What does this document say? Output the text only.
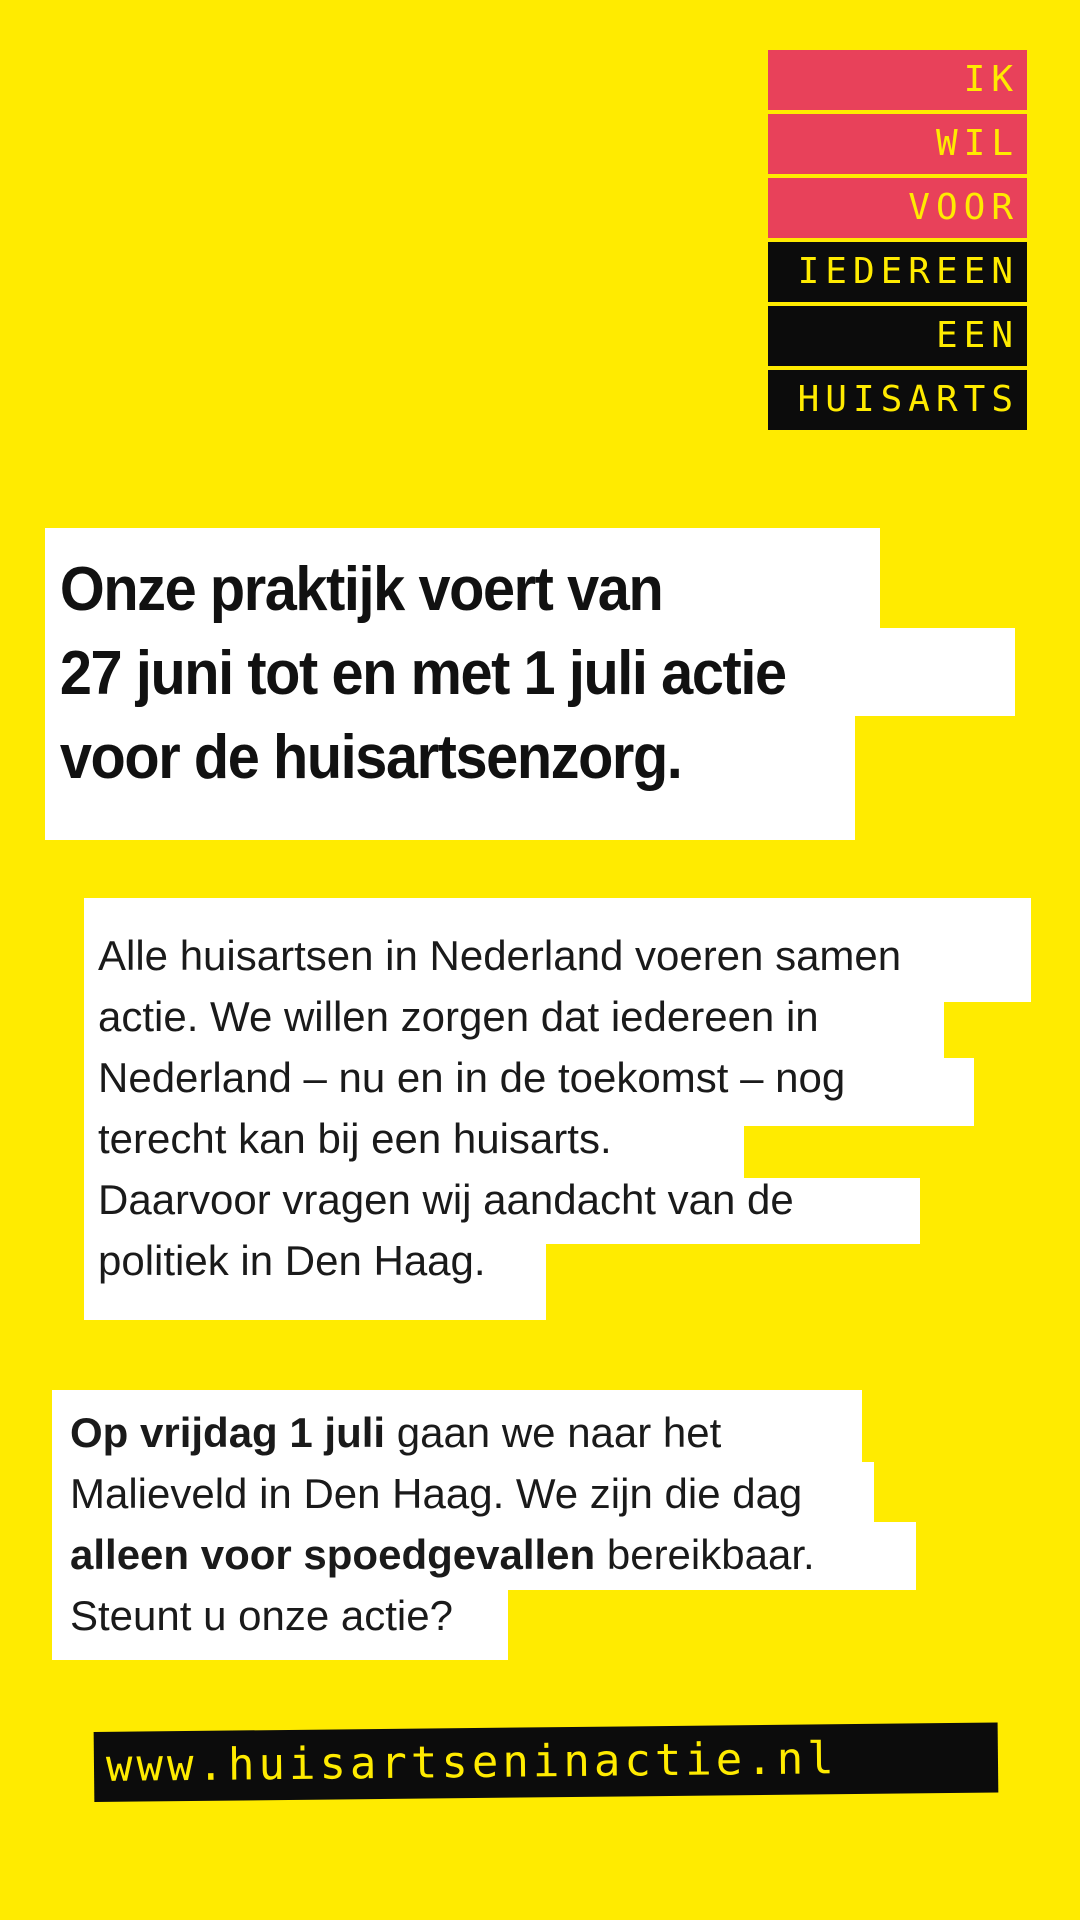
IK
WIL
VOOR
IEDEREEN
EEN
HUISARTS
Onze praktijk voert van
27 juni tot en met 1 juli actie
voor de huisartsenzorg.
Alle huisartsen in Nederland voeren samen
actie. We willen zorgen dat iedereen in
Nederland – nu en in de toekomst – nog
terecht kan bij een huisarts.
Daarvoor vragen wij aandacht van de
politiek in Den Haag.
Op vrijdag 1 juli gaan we naar het
Malieveld in Den Haag. We zijn die dag
alleen voor spoedgevallen bereikbaar.
Steunt u onze actie?
www.huisartseninactie.nl
